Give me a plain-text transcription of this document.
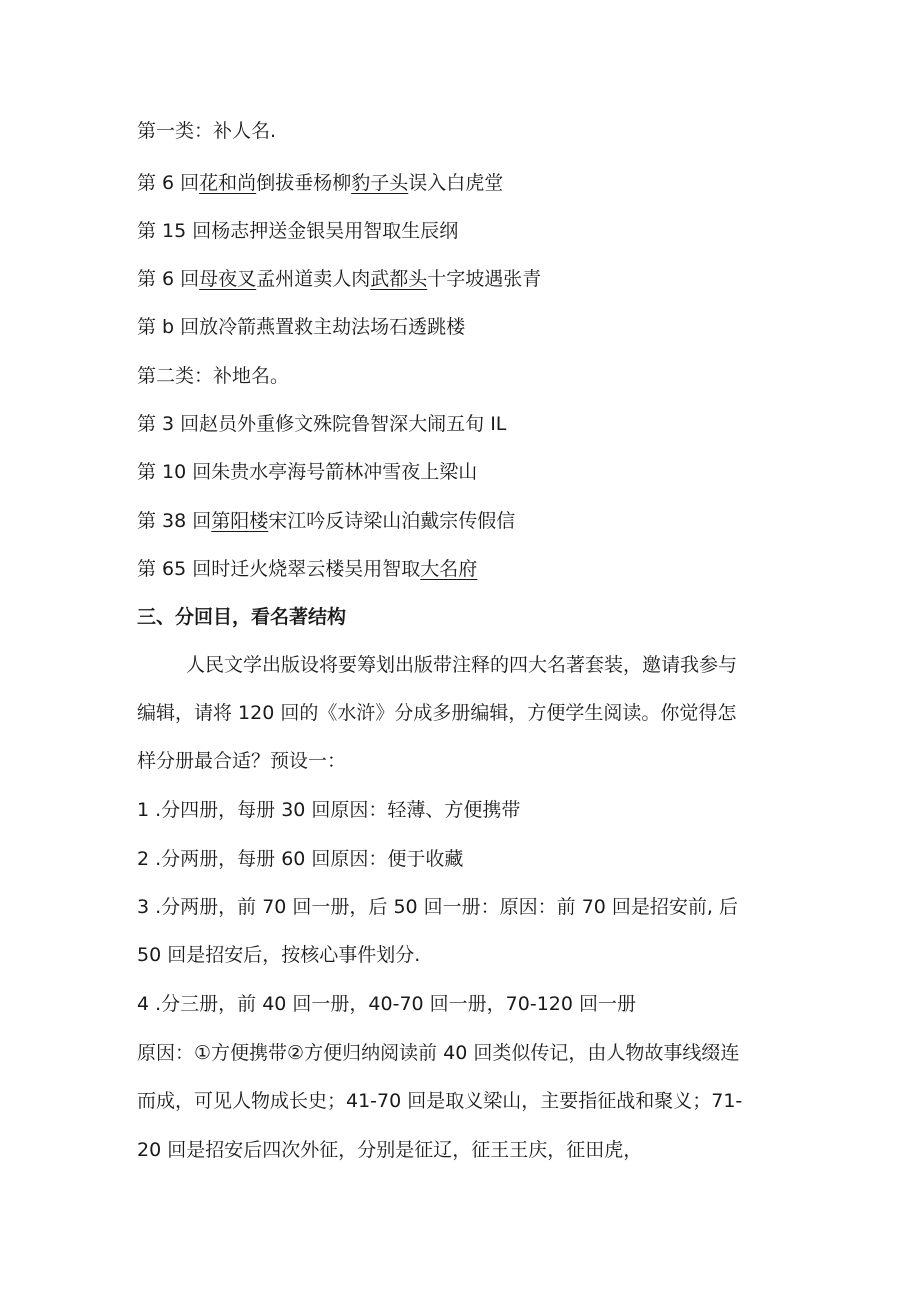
第一类：补人名.
第 6 回花和尚倒拔垂杨柳豹子头误入白虎堂
第 15 回杨志押送金银吴用智取生辰纲
第 6 回母夜叉孟州道卖人肉武都头十字坡遇张青
第 b 回放冷箭燕置救主劫法场石透跳楼
第二类：补地名。
第 3 回赵员外重修文殊院鲁智深大闹五旬 IL
第 10 回朱贵水亭海号箭林冲雪夜上梁山
第 38 回第阳楼宋江吟反诗梁山泊戴宗传假信
第 65 回时迁火烧翠云楼吴用智取大名府
三、分回目，看名著结构
人民文学出版设将要筹划出版带注释的四大名著套装，邀请我参与
编辑，请将 120 回的《水浒》分成多册编辑，方便学生阅读。你觉得怎
样分册最合适？预设一：
1 .分四册，每册 30 回原因：轻薄、方便携带
2 .分两册，每册 60 回原因：便于收藏
3 .分两册，前 70 回一册，后 50 回一册：原因：前 70 回是招安前, 后
50 回是招安后，按核心事件划分.
4 .分三册，前 40 回一册，40-70 回一册，70-120 回一册
原因：①方便携带②方便归纳阅读前 40 回类似传记，由人物故事线缀连
而成，可见人物成长史；41-70 回是取义梁山，主要指征战和聚义；71-
20 回是招安后四次外征，分别是征辽，征王王庆，征田虎，
